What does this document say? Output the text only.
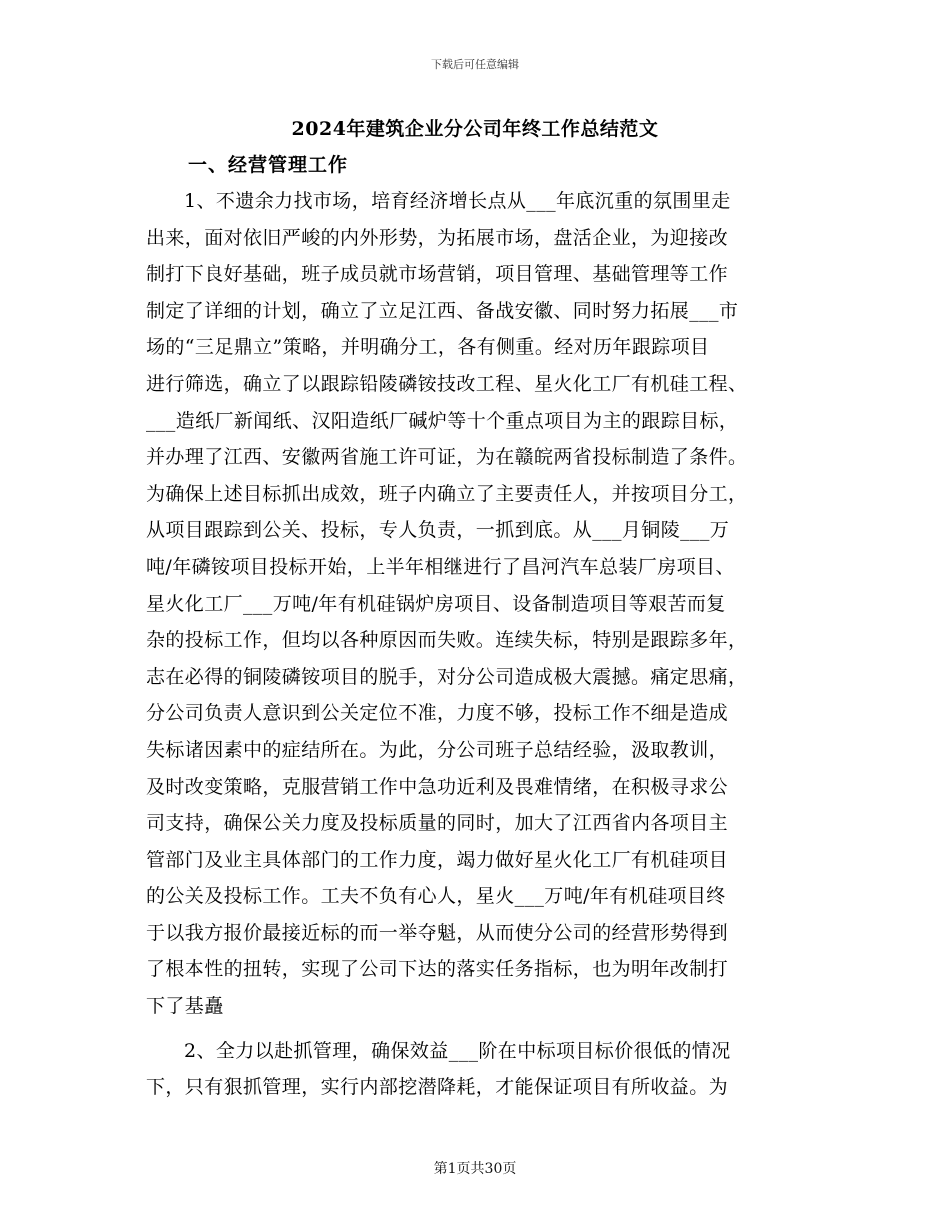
下载后可任意编辑
2024年建筑企业分公司年终工作总结范文
一、经营管理工作
1、不遗余力找市场，培育经济增长点从___年底沉重的氛围里走
出来，面对依旧严峻的内外形势，为拓展市场，盘活企业，为迎接改
制打下良好基础，班子成员就市场营销，项目管理、基础管理等工作
制定了详细的计划，确立了立足江西、备战安徽、同时努力拓展___市
场的“三足鼎立”策略，并明确分工，各有侧重。经对历年跟踪项目
进行筛选，确立了以跟踪铅陵磷铵技改工程、星火化工厂有机硅工程、
___造纸厂新闻纸、汉阳造纸厂碱炉等十个重点项目为主的跟踪目标，
并办理了江西、安徽两省施工许可证，为在赣皖两省投标制造了条件。
为确保上述目标抓出成效，班子内确立了主要责任人，并按项目分工，
从项目跟踪到公关、投标，专人负责，一抓到底。从___月铜陵___万
吨/年磷铵项目投标开始，上半年相继进行了昌河汽车总装厂房项目、
星火化工厂___万吨/年有机硅锅炉房项目、设备制造项目等艰苦而复
杂的投标工作，但均以各种原因而失败。连续失标，特别是跟踪多年，
志在必得的铜陵磷铵项目的脱手，对分公司造成极大震撼。痛定思痛，
分公司负责人意识到公关定位不准，力度不够，投标工作不细是造成
失标诸因素中的症结所在。为此，分公司班子总结经验，汲取教训，
及时改变策略，克服营销工作中急功近利及畏难情绪，在积极寻求公
司支持，确保公关力度及投标质量的同时，加大了江西省内各项目主
管部门及业主具体部门的工作力度，竭力做好星火化工厂有机硅项目
的公关及投标工作。工夫不负有心人，星火___万吨/年有机硅项目终
于以我方报价最接近标的而一举夺魁，从而使分公司的经营形势得到
了根本性的扭转，实现了公司下达的落实任务指标，也为明年改制打
下了基矗
2、全力以赴抓管理，确保效益___阶在中标项目标价很低的情况
下，只有狠抓管理，实行内部挖潜降耗，才能保证项目有所收益。为
第1页共30页
